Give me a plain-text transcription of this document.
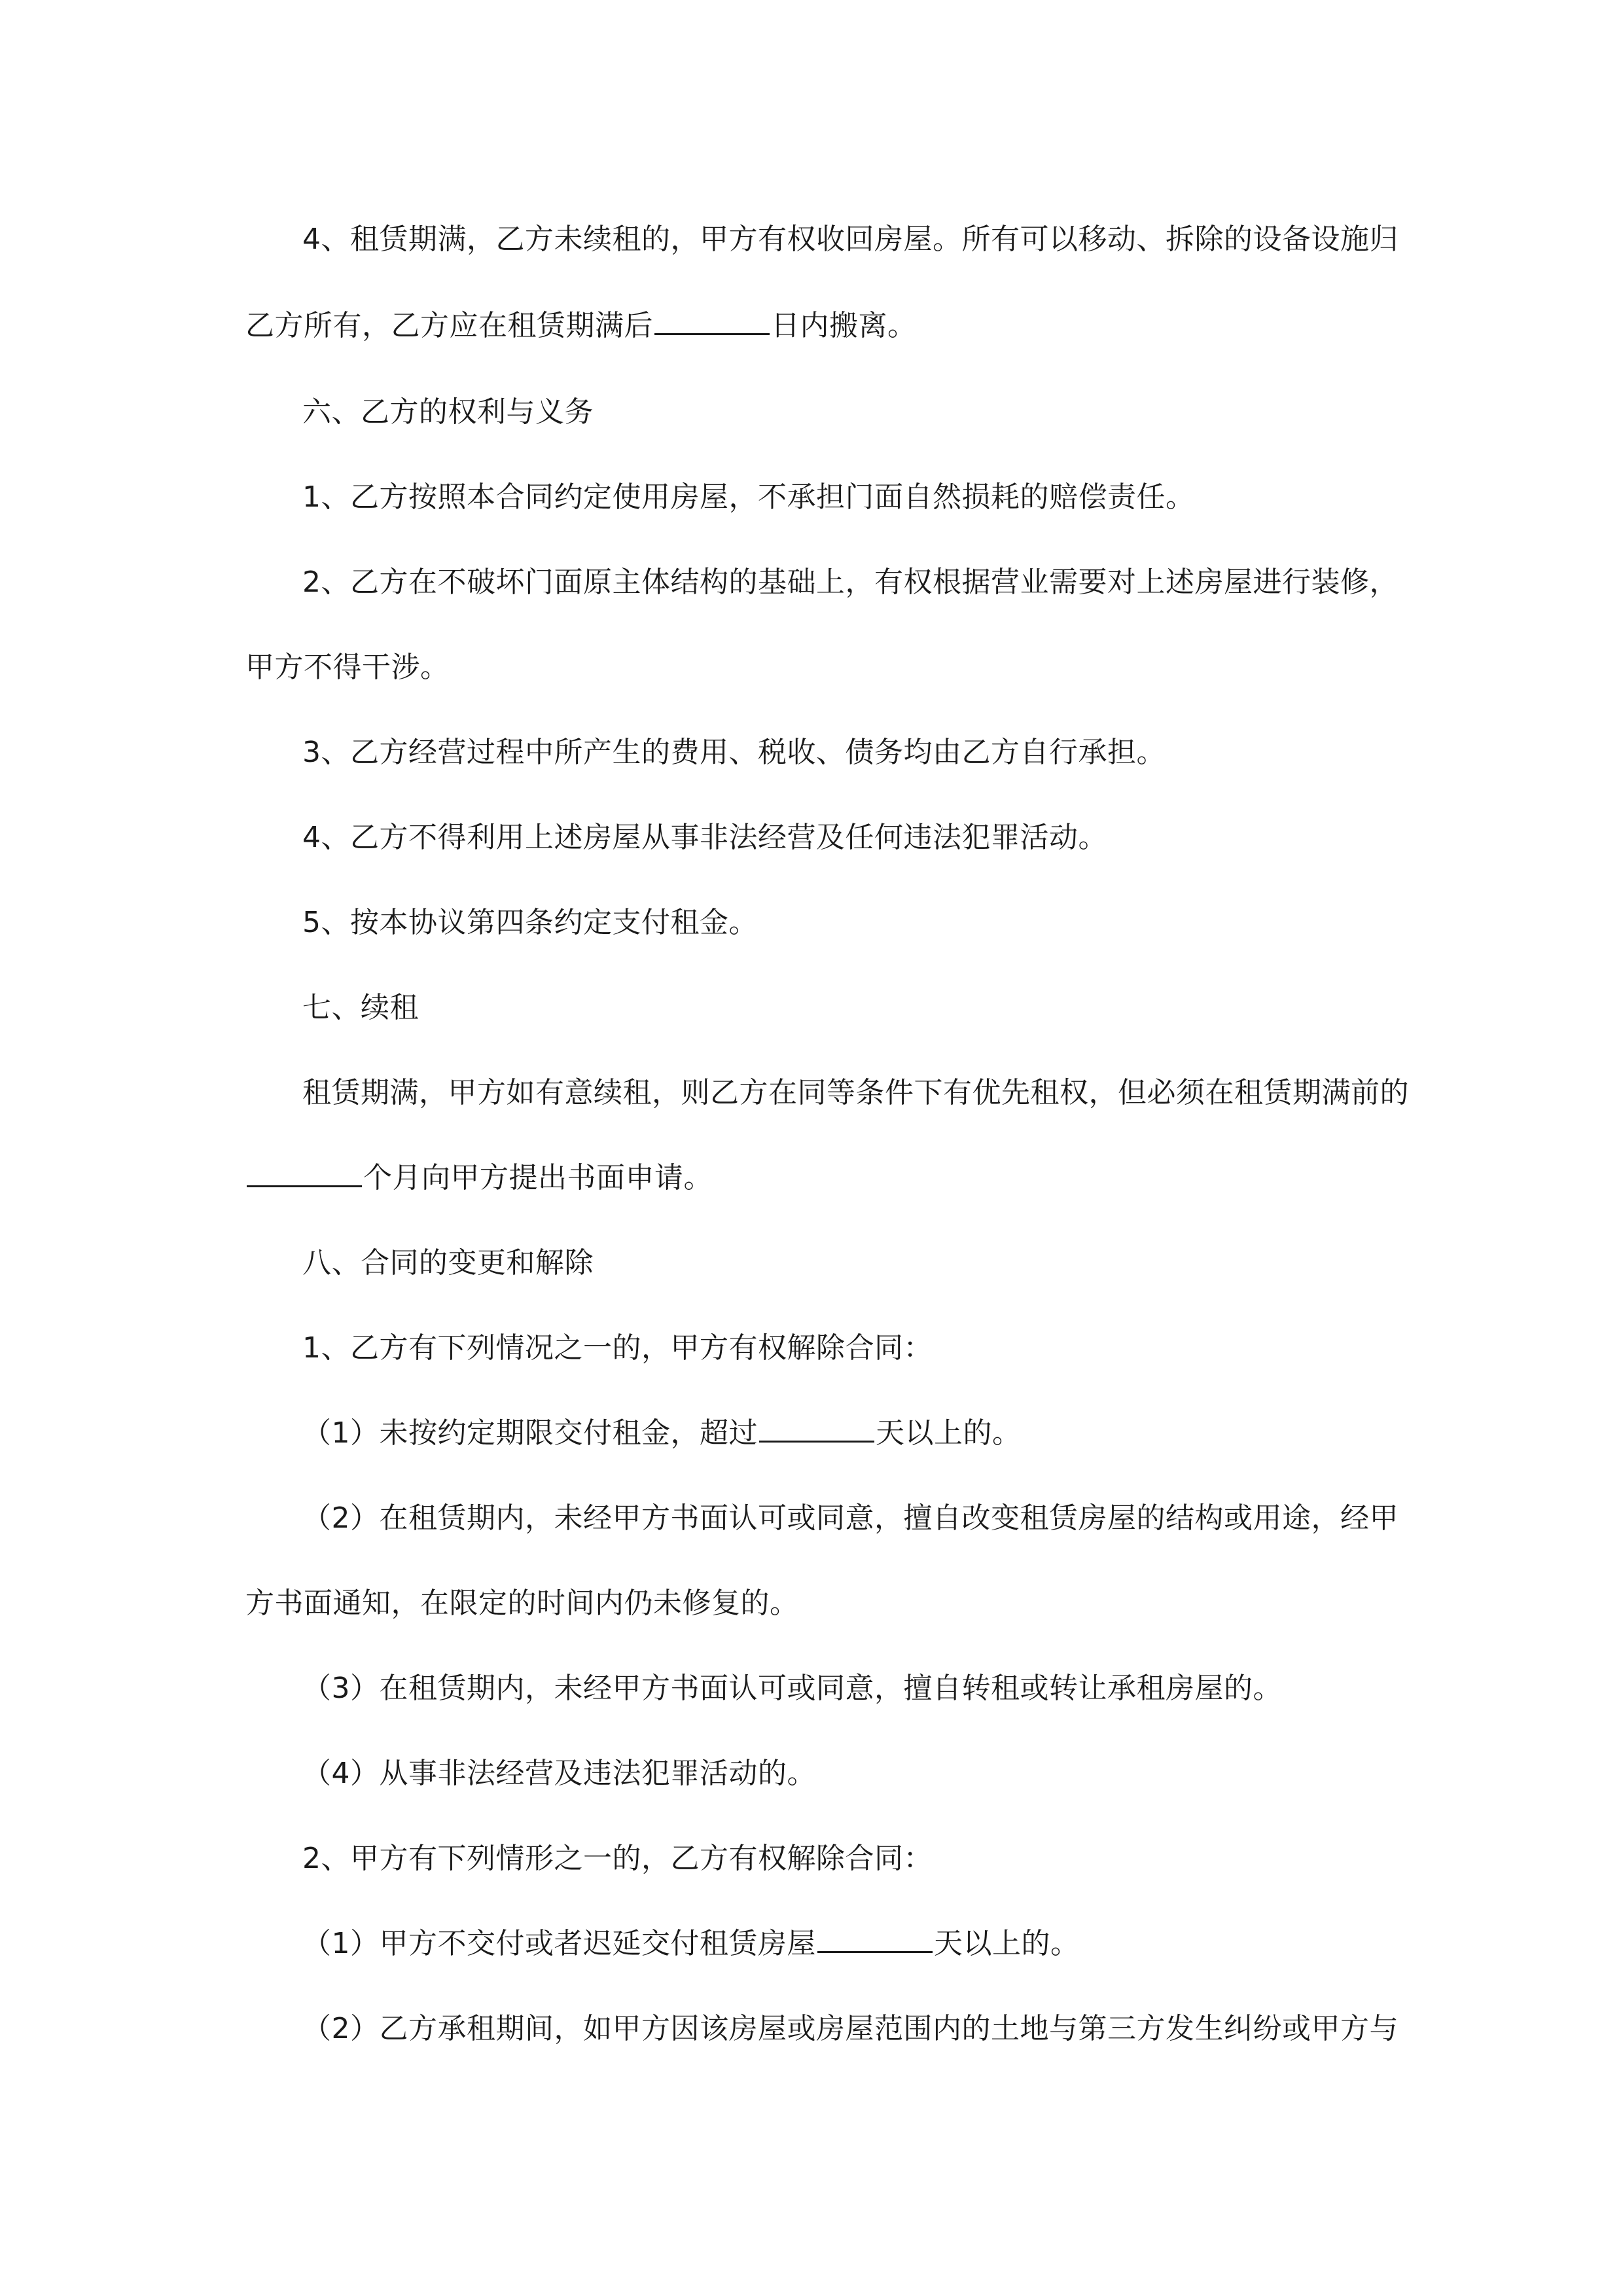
4、租赁期满，乙方未续租的，甲方有权收回房屋。所有可以移动、拆除的设备设施归
乙方所有，乙方应在租赁期满后	日内搬离。
六、乙方的权利与义务
1、乙方按照本合同约定使用房屋，不承担门面自然损耗的赔偿责任。
2、乙方在不破坏门面原主体结构的基础上，有权根据营业需要对上述房屋进行装修，
甲方不得干涉。
3、乙方经营过程中所产生的费用、税收、债务均由乙方自行承担。
4、乙方不得利用上述房屋从事非法经营及任何违法犯罪活动。
5、按本协议第四条约定支付租金。
七、续租
租赁期满，甲方如有意续租，则乙方在同等条件下有优先租权，但必须在租赁期满前的
个月向甲方提出书面申请。
八、合同的变更和解除
1、乙方有下列情况之一的，甲方有权解除合同：
（1）未按约定期限交付租金，超过	天以上的。
（2）在租赁期内，未经甲方书面认可或同意，擅自改变租赁房屋的结构或用途，经甲
方书面通知，在限定的时间内仍未修复的。
（3）在租赁期内，未经甲方书面认可或同意，擅自转租或转让承租房屋的。
（4）从事非法经营及违法犯罪活动的。
2、甲方有下列情形之一的，乙方有权解除合同：
（1）甲方不交付或者迟延交付租赁房屋	天以上的。
（2）乙方承租期间，如甲方因该房屋或房屋范围内的土地与第三方发生纠纷或甲方与
